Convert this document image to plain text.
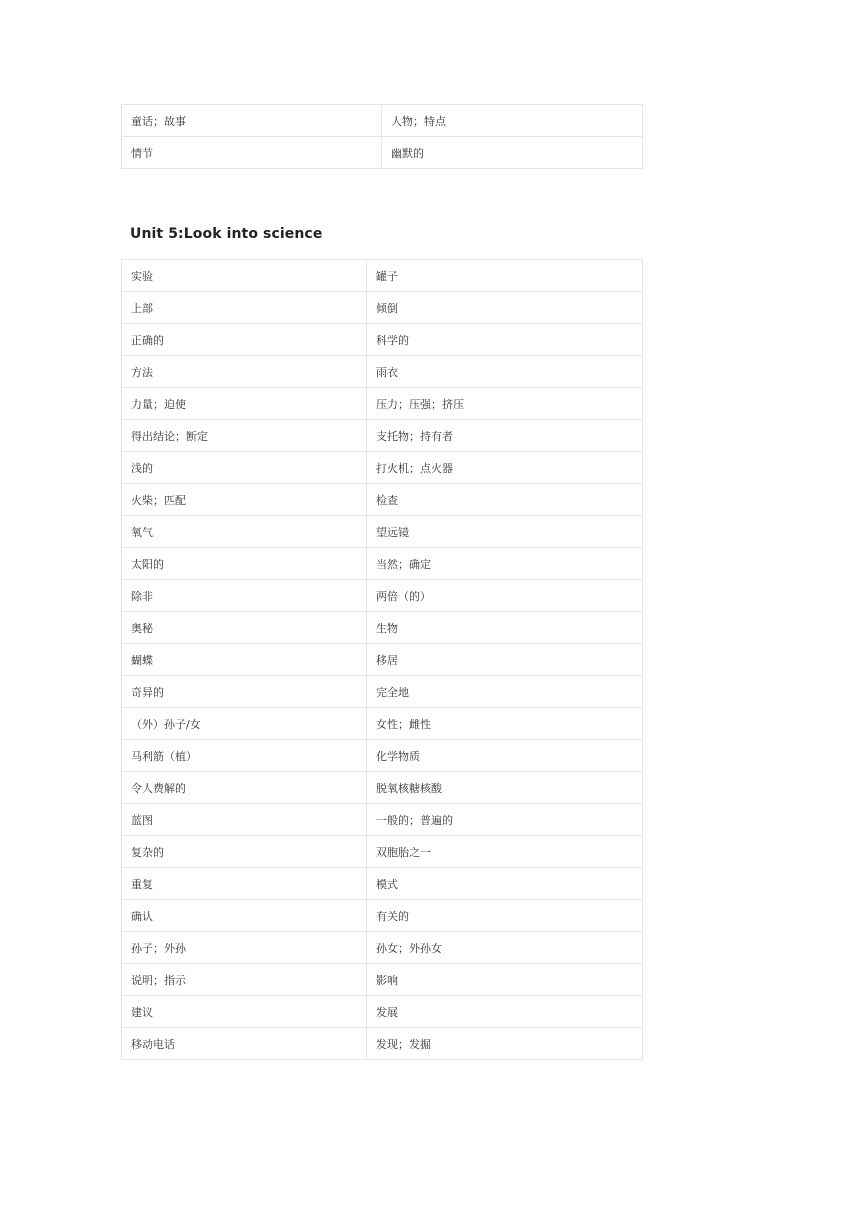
童话；故事	人物；特点
情节	幽默的
Unit 5:Look into science
实验	罐子
上部	倾倒
正确的	科学的
方法	雨衣
力量；迫使	压力；压强；挤压
得出结论；断定	支托物；持有者
浅的	打火机；点火器
火柴；匹配	检查
氧气	望远镜
太阳的	当然；确定
除非	两倍（的）
奥秘	生物
蝴蝶	移居
奇异的	完全地
（外）孙子/女	女性；雌性
马利筋（植）	化学物质
令人费解的	脱氧核糖核酸
蓝图	一般的；普遍的
复杂的	双胞胎之一
重复	模式
确认	有关的
孙子；外孙	孙女；外孙女
说明；指示	影响
建议	发展
移动电话	发现；发掘
